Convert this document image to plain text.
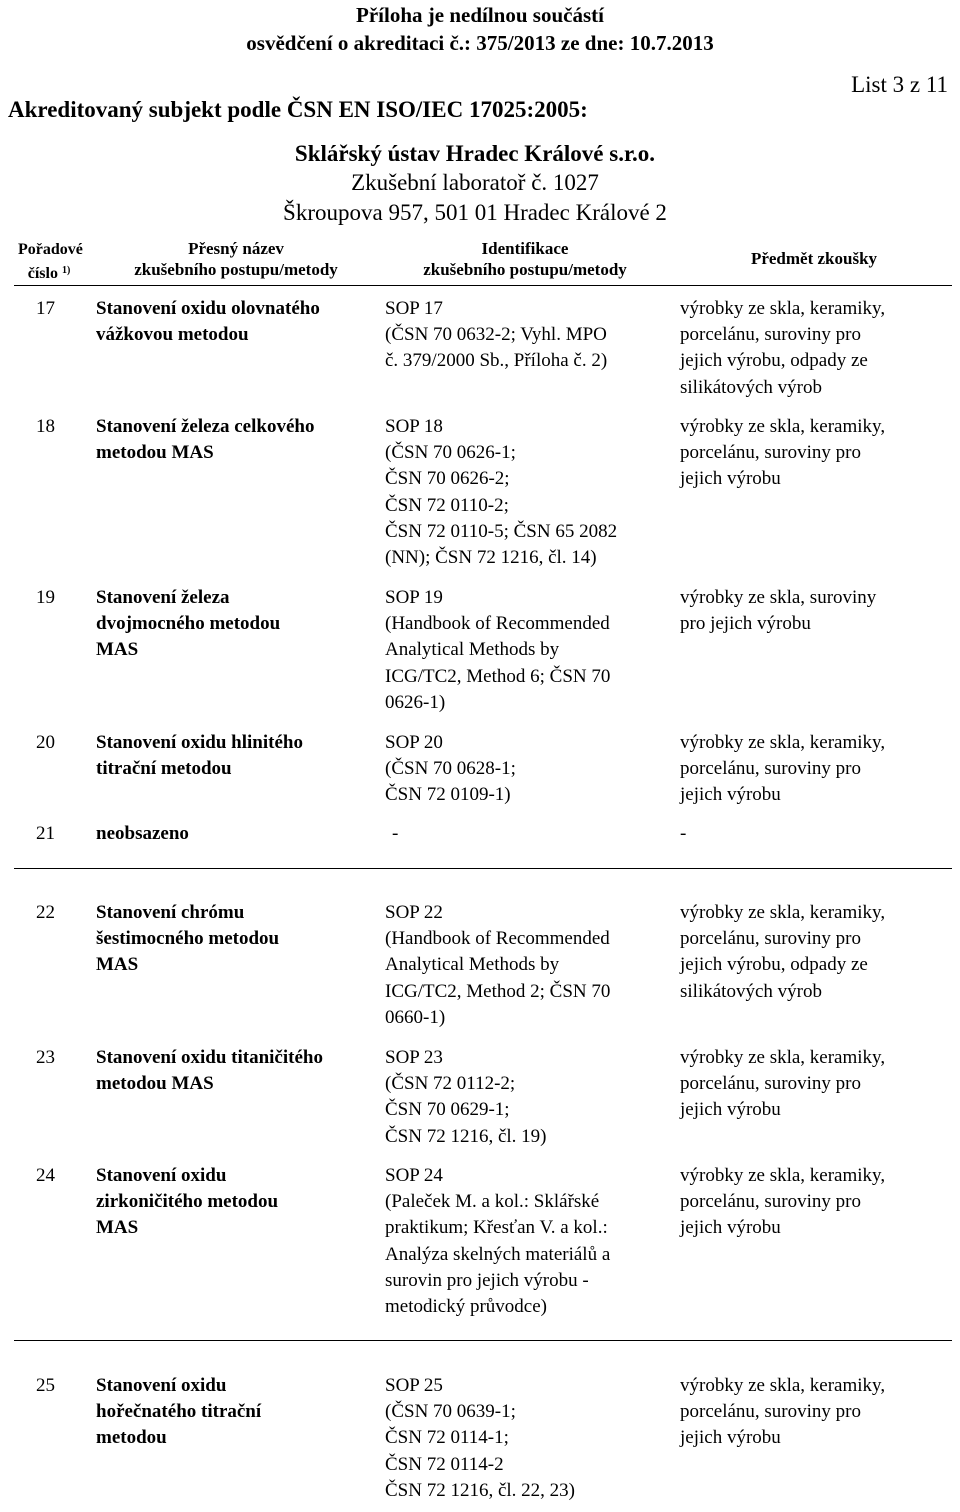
Příloha je nedílnou součástí
osvědčení o akreditaci č.: 375/2013 ze dne: 10.7.2013
List 3 z 11
Akreditovaný subjekt podle ČSN EN ISO/IEC 17025:2005:
Sklářský ústav Hradec Králové s.r.o.
Zkušební laboratoř č. 1027
Škroupova 957, 501 01 Hradec Králové 2
Pořadové
číslo $^{1)}$
Přesný název
zkušebního postupu/metody
Identifikace
zkušebního postupu/metody
Předmět zkoušky
17 Stanovení oxidu olovnatého
vážkovou metodou
SOP 17
(ČSN 70 0632-2; Vyhl. MPO
č. 379/2000 Sb., Příloha č. 2)
výrobky ze skla, keramiky,
porcelánu, suroviny pro
jejich výrobu, odpady ze
silikátových výrob
18 Stanovení železa celkového
metodou MAS
SOP 18
(ČSN 70 0626-1;
ČSN 70 0626-2;
ČSN 72 0110-2;
ČSN 72 0110-5; ČSN 65 2082
(NN); ČSN 72 1216, čl. 14)
výrobky ze skla, keramiky,
porcelánu, suroviny pro
jejich výrobu
19 Stanovení železa
dvojmocného metodou
MAS
SOP 19
(Handbook of Recommended
Analytical Methods by
ICG/TC2, Method 6; ČSN 70
0626-1)
výrobky ze skla, suroviny
pro jejich výrobu
20 Stanovení oxidu hlinitého
titrační metodou
SOP 20
(ČSN 70 0628-1;
ČSN 72 0109-1)
výrobky ze skla, keramiky,
porcelánu, suroviny pro
jejich výrobu
21 neobsazeno	-	-
22 Stanovení chrómu
šestimocného metodou
MAS
SOP 22
(Handbook of Recommended
Analytical Methods by
ICG/TC2, Method 2; ČSN 70
0660-1)
výrobky ze skla, keramiky,
porcelánu, suroviny pro
jejich výrobu, odpady ze
silikátových výrob
23 Stanovení oxidu titaničitého
metodou MAS
SOP 23
(ČSN 72 0112-2;
ČSN 70 0629-1;
ČSN 72 1216, čl. 19)
výrobky ze skla, keramiky,
porcelánu, suroviny pro
jejich výrobu
24 Stanovení oxidu
zirkoničitého metodou
MAS
SOP 24
(Paleček M. a kol.: Sklářské
praktikum; Křesťan V. a kol.:
Analýza skelných materiálů a
surovin pro jejich výrobu -
metodický průvodce)
výrobky ze skla, keramiky,
porcelánu, suroviny pro
jejich výrobu
25 Stanovení oxidu
hořečnatého titrační
metodou
SOP 25
(ČSN 70 0639-1;
ČSN 72 0114-1;
ČSN 72 0114-2
ČSN 72 1216, čl. 22, 23)
výrobky ze skla, keramiky,
porcelánu, suroviny pro
jejich výrobu
